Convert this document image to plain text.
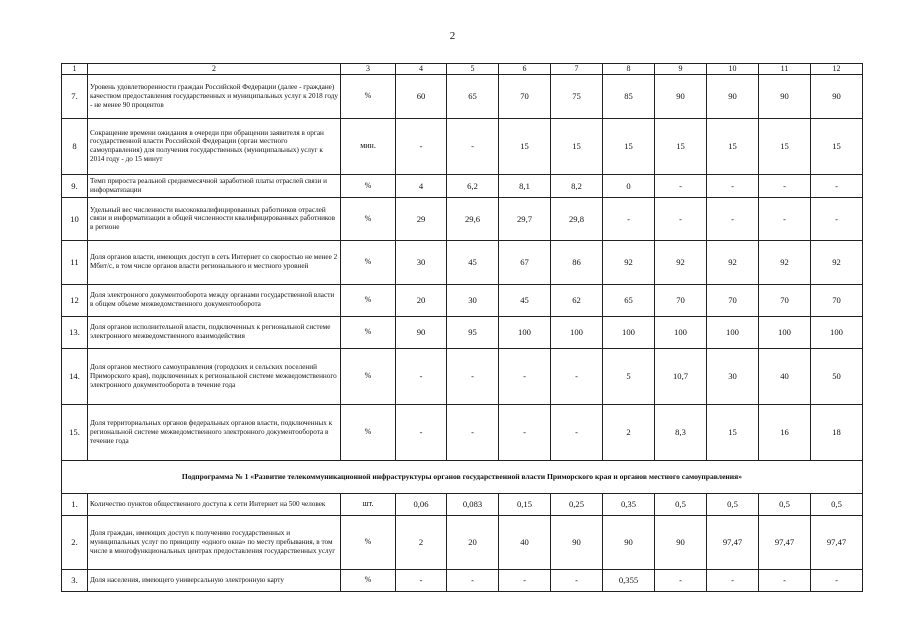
2
1	2	3	4	5	6	7	8	9	10	11	12
7.	Уровень удовлетворенности граждан Российской Федерации (далее - граждане) качеством предоставления государственных и муниципальных услуг к 2018 году - не менее 90 процентов	%	60	65	70	75	85	90	90	90	90
8	Сокращение времени ожидания в очереди при обращении заявителя в орган государственной власти Российской Федерации (орган местного самоуправления) для получения государственных (муниципальных) услуг к 2014 году - до 15 минут	мин.	-	-	15	15	15	15	15	15	15
9.	Темп прироста реальной среднемесячной заработной платы отраслей связи и информатизации	%	4	6,2	8,1	8,2	0	-	-	-	-
10	Удельный вес численности высококвалифицированных работников отраслей связи и информатизации в общей численности квалифицированных работников в регионе	%	29	29,6	29,7	29,8	-	-	-	-	-
11	Доля органов власти, имеющих доступ в сеть Интернет со скоростью не менее 2 Мбит/с, в том числе органов власти регионального и местного уровней	%	30	45	67	86	92	92	92	92	92
12	Доля электронного документооборота между органами государственной власти в общем объеме межведомственного документооборота	%	20	30	45	62	65	70	70	70	70
13.	Доля органов исполнительной власти, подключенных к региональной системе электронного межведомственного взаимодействия	%	90	95	100	100	100	100	100	100	100
14.	Доля органов местного самоуправления (городских и сельских поселений Приморского края), подключенных к региональной системе межведомственного электронного документооборота в течение года	%	-	-	-	-	5	10,7	30	40	50
15.	Доля территориальных органов федеральных органов власти, подключенных к региональной системе межведомственного электронного документооборота в течение года	%	-	-	-	-	2	8,3	15	16	18
Подпрограмма № 1 «Развитие телекоммуникационной инфраструктуры органов государственной власти Приморского края и органов местного самоуправления»											
1.	Количество пунктов общественного доступа к сети Интернет на 500 человек	шт.	0,06	0,083	0,15	0,25	0,35	0,5	0,5	0,5	0,5
2.	Доля граждан, имеющих доступ к получению государственных и муниципальных услуг по принципу «одного окна» по месту пребывания, в том числе в многофункциональных центрах предоставления государственных услуг	%	2	20	40	90	90	90	97,47	97,47	97,47
3.	Доля населения, имеющего универсальную электронную карту	%	-	-	-	-	0,355	-	-	-	-
